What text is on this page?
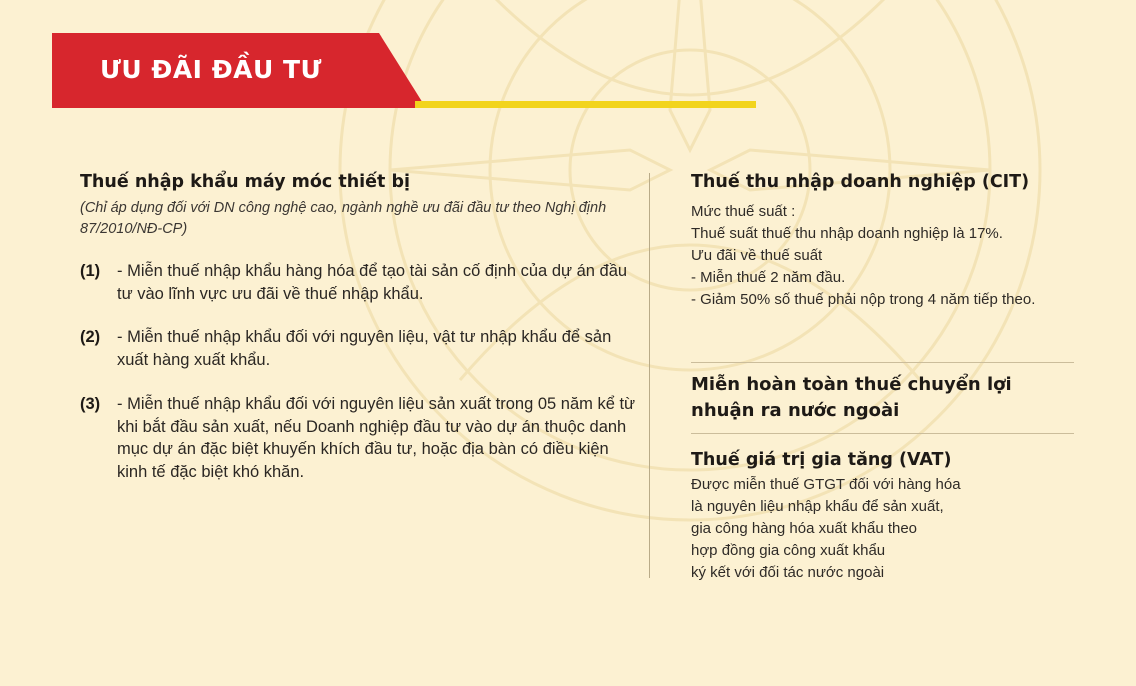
ƯU ĐÃI ĐẦU TƯ
Thuế nhập khẩu máy móc thiết bị
(Chỉ áp dụng đối với DN công nghệ cao, ngành nghề ưu đãi đầu tư theo Nghị định 87/2010/NĐ-CP)
(1) - Miễn thuế nhập khẩu hàng hóa để tạo tài sản cố định của dự án đầu tư vào lĩnh vực ưu đãi về thuế nhập khẩu.
(2) - Miễn thuế nhập khẩu đối với nguyên liệu, vật tư nhập khẩu để sản xuất hàng xuất khẩu.
(3) - Miễn thuế nhập khẩu đối với nguyên liệu sản xuất trong 05 năm kể từ khi bắt đầu sản xuất, nếu Doanh nghiệp đầu tư vào dự án thuộc danh mục dự án đặc biệt khuyến khích đầu tư, hoặc địa bàn có điều kiện kinh tế đặc biệt khó khăn.
Thuế thu nhập doanh nghiệp (CIT)
Mức thuế suất :
Thuế suất thuế thu nhập doanh nghiệp là 17%.
Ưu đãi về thuế suất
- Miễn thuế 2 năm đầu.
- Giảm 50% số thuế phải nộp trong 4 năm tiếp theo.
Miễn hoàn toàn thuế chuyển lợi nhuận ra nước ngoài
Thuế giá trị gia tăng (VAT)
Được miễn thuế GTGT đối với hàng hóa
là nguyên liệu nhập khẩu để sản xuất,
gia công hàng hóa xuất khẩu theo
hợp đồng gia công xuất khẩu
ký kết với đối tác nước ngoài
